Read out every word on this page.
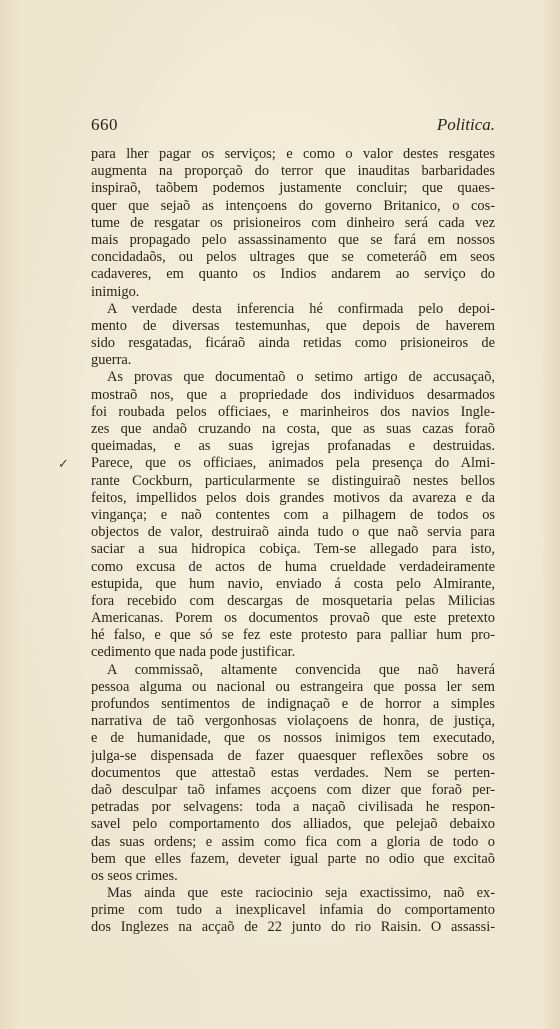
660	Politica.
✓
para lher pagar os serviços; e como o valor destes resgates
augmenta na proporçaõ do terror que inauditas barbaridades
inspiraõ, taõbem podemos justamente concluir; que quaes-
quer que sejaõ as intençoens do governo Britanico, o cos-
tume de resgatar os prisioneiros com dinheiro será cada vez
mais propagado pelo assassinamento que se fará em nossos
concidadaõs, ou pelos ultrages que se cometeráõ em seos
cadaveres, em quanto os Indios andarem ao serviço do
inimigo.
A verdade desta inferencia hé confirmada pelo depoi-
mento de diversas testemunhas, que depois de haverem
sido resgatadas, ficáraõ ainda retidas como prisioneiros de
guerra.
As provas que documentaõ o setimo artigo de accusaçaõ,
mostraõ nos, que a propriedade dos individuos desarmados
foi roubada pelos officiaes, e marinheiros dos navios Ingle-
zes que andaõ cruzando na costa, que as suas cazas foraõ
queimadas, e as suas igrejas profanadas e destruidas.
Parece, que os officiaes, animados pela presença do Almi-
rante Cockburn, particularmente se distinguiraõ nestes bellos
feitos, impellidos pelos dois grandes motivos da avareza e da
vingança; e naõ contentes com a pilhagem de todos os
objectos de valor, destruiraõ ainda tudo o que naõ servia para
saciar a sua hidropica cobiça. Tem-se allegado para isto,
como excusa de actos de huma crueldade verdadeiramente
estupida, que hum navio, enviado á costa pelo Almirante,
fora recebido com descargas de mosquetaria pelas Milicias
Americanas. Porem os documentos provaõ que este pretexto
hé falso, e que só se fez este protesto para palliar hum pro-
cedimento que nada pode justificar.
A commissaõ, altamente convencida que naõ haverá
pessoa alguma ou nacional ou estrangeira que possa ler sem
profundos sentimentos de indignaçaõ e de horror a simples
narrativa de taõ vergonhosas violaçoens de honra, de justiça,
e de humanidade, que os nossos inimigos tem executado,
julga-se dispensada de fazer quaesquer reflexões sobre os
documentos que attestaõ estas verdades. Nem se perten-
daõ desculpar taõ infames acçoens com dizer que foraõ per-
petradas por selvagens: toda a naçaõ civilisada he respon-
savel pelo comportamento dos alliados, que pelejaõ debaixo
das suas ordens; e assim como fica com a gloria de todo o
bem que elles fazem, deveter igual parte no odio que excitaõ
os seos crimes.
Mas ainda que este raciocinio seja exactissimo, naõ ex-
prime com tudo a inexplicavel infamia do comportamento
dos Inglezes na acçaõ de 22 junto do rio Raisin. O assassi-
